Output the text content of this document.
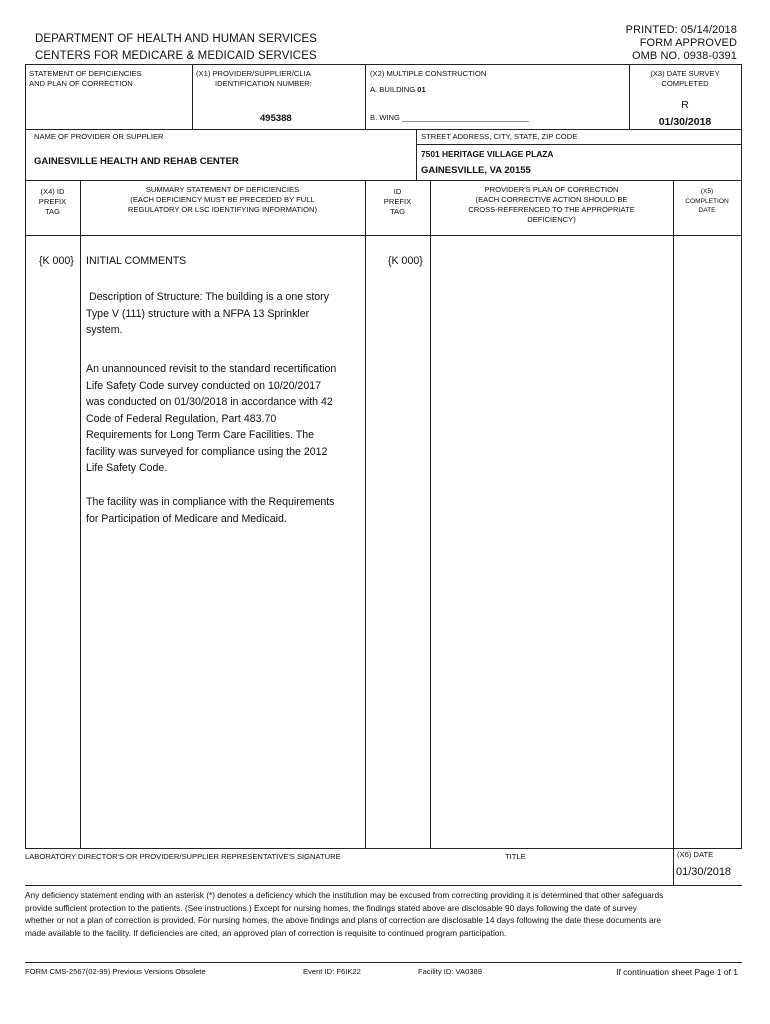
DEPARTMENT OF HEALTH AND HUMAN SERVICES
CENTERS FOR MEDICARE & MEDICAID SERVICES
PRINTED: 05/14/2018
FORM APPROVED
OMB NO. 0938-0391
STATEMENT OF DEFICIENCIES
AND PLAN OF CORRECTION
(X1) PROVIDER/SUPPLIER/CLIA
IDENTIFICATION NUMBER:
495388
(X2) MULTIPLE CONSTRUCTION
A. BUILDING 01
B. WING ______________________________
(X3) DATE SURVEY
COMPLETED
R
01/30/2018
NAME OF PROVIDER OR SUPPLIER
GAINESVILLE HEALTH AND REHAB CENTER
STREET ADDRESS, CITY, STATE, ZIP CODE
7501 HERITAGE VILLAGE PLAZA
GAINESVILLE, VA 20155
(X4) ID
PREFIX
TAG
SUMMARY STATEMENT OF DEFICIENCIES
(EACH DEFICIENCY MUST BE PRECEDED BY FULL
REGULATORY OR LSC IDENTIFYING INFORMATION)
ID
PREFIX
TAG
PROVIDER'S PLAN OF CORRECTION
(EACH CORRECTIVE ACTION SHOULD BE
CROSS-REFERENCED TO THE APPROPRIATE
DEFICIENCY)
(X5)
COMPLETION
DATE
{K 000} INITIAL COMMENTS	{K 000}
Description of Structure: The building is a one story Type V (111) structure with a NFPA 13 Sprinkler system.
An unannounced revisit to the standard recertification Life Safety Code survey conducted on 10/20/2017 was conducted on 01/30/2018 in accordance with 42 Code of Federal Regulation, Part 483.70 Requirements for Long Term Care Facilities. The facility was surveyed for compliance using the 2012 Life Safety Code.
The facility was in compliance with the Requirements for Participation of Medicare and Medicaid.
LABORATORY DIRECTOR'S OR PROVIDER/SUPPLIER REPRESENTATIVE'S SIGNATURE	TITLE	(X6) DATE
01/30/2018
Any deficiency statement ending with an asterisk (*) denotes a deficiency which the institution may be excused from correcting providing it is determined that other safeguards provide sufficient protection to the patients. (See instructions.) Except for nursing homes, the findings stated above are disclosable 90 days following the date of survey whether or not a plan of correction is provided. For nursing homes, the above findings and plans of correction are disclosable 14 days following the date these documents are made available to the facility. If deficiencies are cited, an approved plan of correction is requisite to continued program participation.
FORM CMS-2567(02-99) Previous Versions Obsolete	Event ID: F6IK22	Facility ID: VA0389	If continuation sheet Page 1 of 1
